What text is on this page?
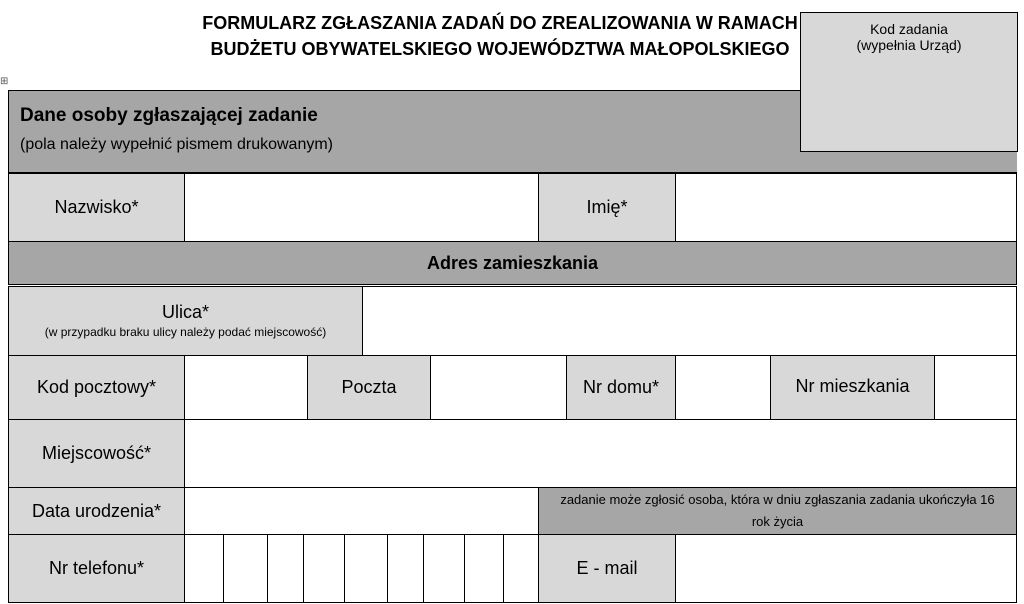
FORMULARZ ZGŁASZANIA ZADAŃ DO ZREALIZOWANIA W RAMACH
BUDŻETU OBYWATELSKIEGO WOJEWÓDZTWA MAŁOPOLSKIEGO
⊞
Dane osoby zgłaszającej zadanie
(pola należy wypełnić pismem drukowanym)
Kod zadania
(wypełnia Urząd)
Nazwisko*	Imię*
Adres zamieszkania
Ulica*
(w przypadku braku ulicy należy podać miejscowość)
Kod pocztowy*	Poczta	Nr domu*	Nr mieszkania
Miejscowość*
Data urodzenia*
zadanie może zgłosić osoba, która w dniu zgłaszania zadania ukończyła 16 rok życia
Nr telefonu*	E - mail
